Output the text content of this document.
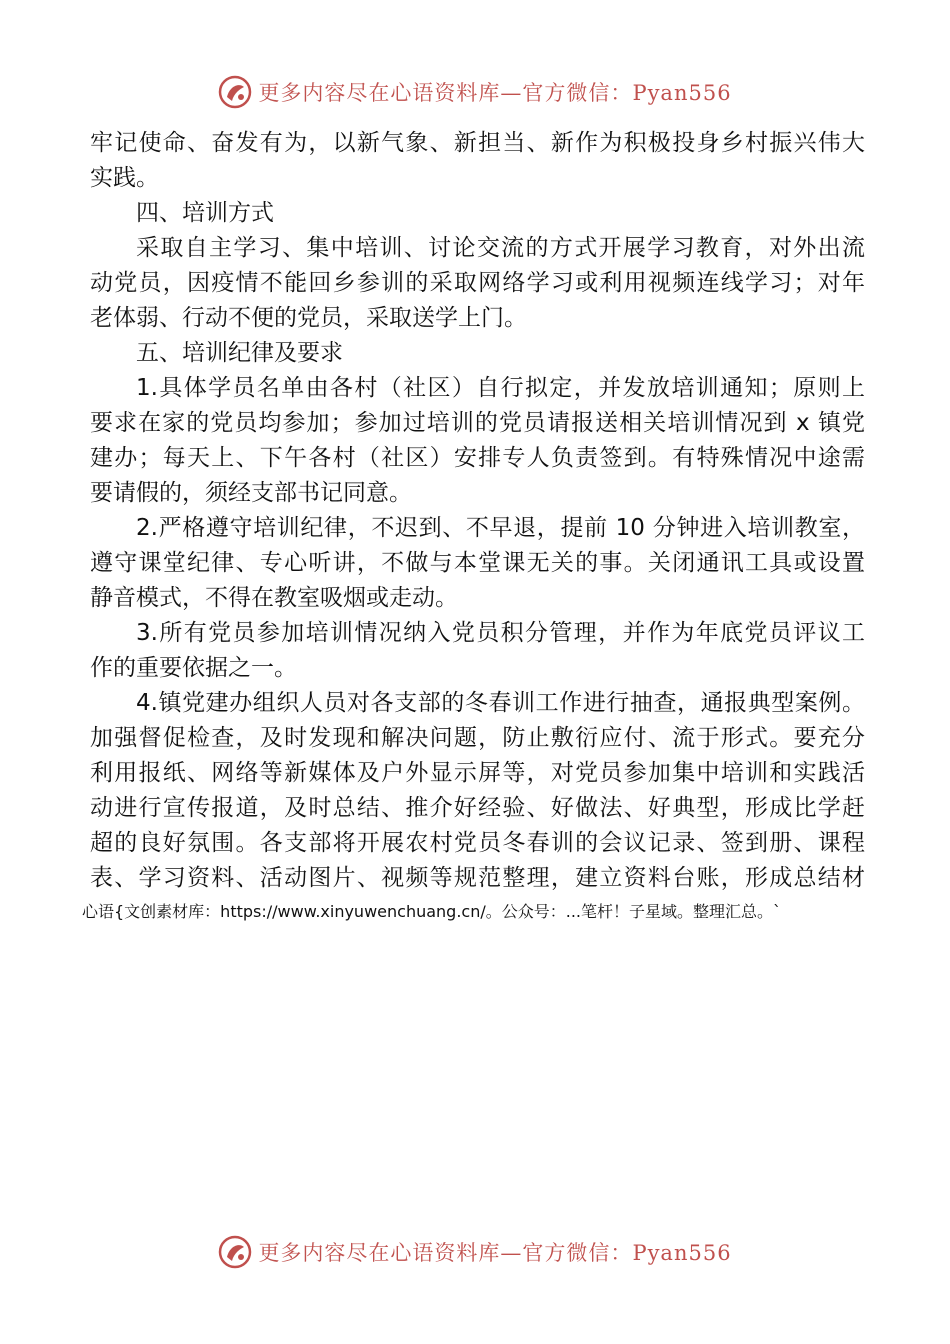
更多内容尽在心语资料库—官方微信：Pyan556
牢记使命、奋发有为，以新气象、新担当、新作为积极投身乡村振兴伟大
实践。
四、培训方式
采取自主学习、集中培训、讨论交流的方式开展学习教育，对外出流
动党员，因疫情不能回乡参训的采取网络学习或利用视频连线学习；对年
老体弱、行动不便的党员，采取送学上门。
五、培训纪律及要求
1.具体学员名单由各村（社区）自行拟定，并发放培训通知；原则上
要求在家的党员均参加；参加过培训的党员请报送相关培训情况到 x 镇党
建办；每天上、下午各村（社区）安排专人负责签到。有特殊情况中途需
要请假的，须经支部书记同意。
2.严格遵守培训纪律，不迟到、不早退，提前 10 分钟进入培训教室，
遵守课堂纪律、专心听讲，不做与本堂课无关的事。关闭通讯工具或设置
静音模式，不得在教室吸烟或走动。
3.所有党员参加培训情况纳入党员积分管理，并作为年底党员评议工
作的重要依据之一。
4.镇党建办组织人员对各支部的冬春训工作进行抽查，通报典型案例。
加强督促检查，及时发现和解决问题，防止敷衍应付、流于形式。要充分
利用报纸、网络等新媒体及户外显示屏等，对党员参加集中培训和实践活
动进行宣传报道，及时总结、推介好经验、好做法、好典型，形成比学赶
超的良好氛围。各支部将开展农村党员冬春训的会议记录、签到册、课程
表、学习资料、活动图片、视频等规范整理，建立资料台账，形成总结材
心语{文创素材库：https://www.xinyuwenchuang.cn/。公众号：...笔杆！子星域。整理汇总。`
更多内容尽在心语资料库—官方微信：Pyan556
